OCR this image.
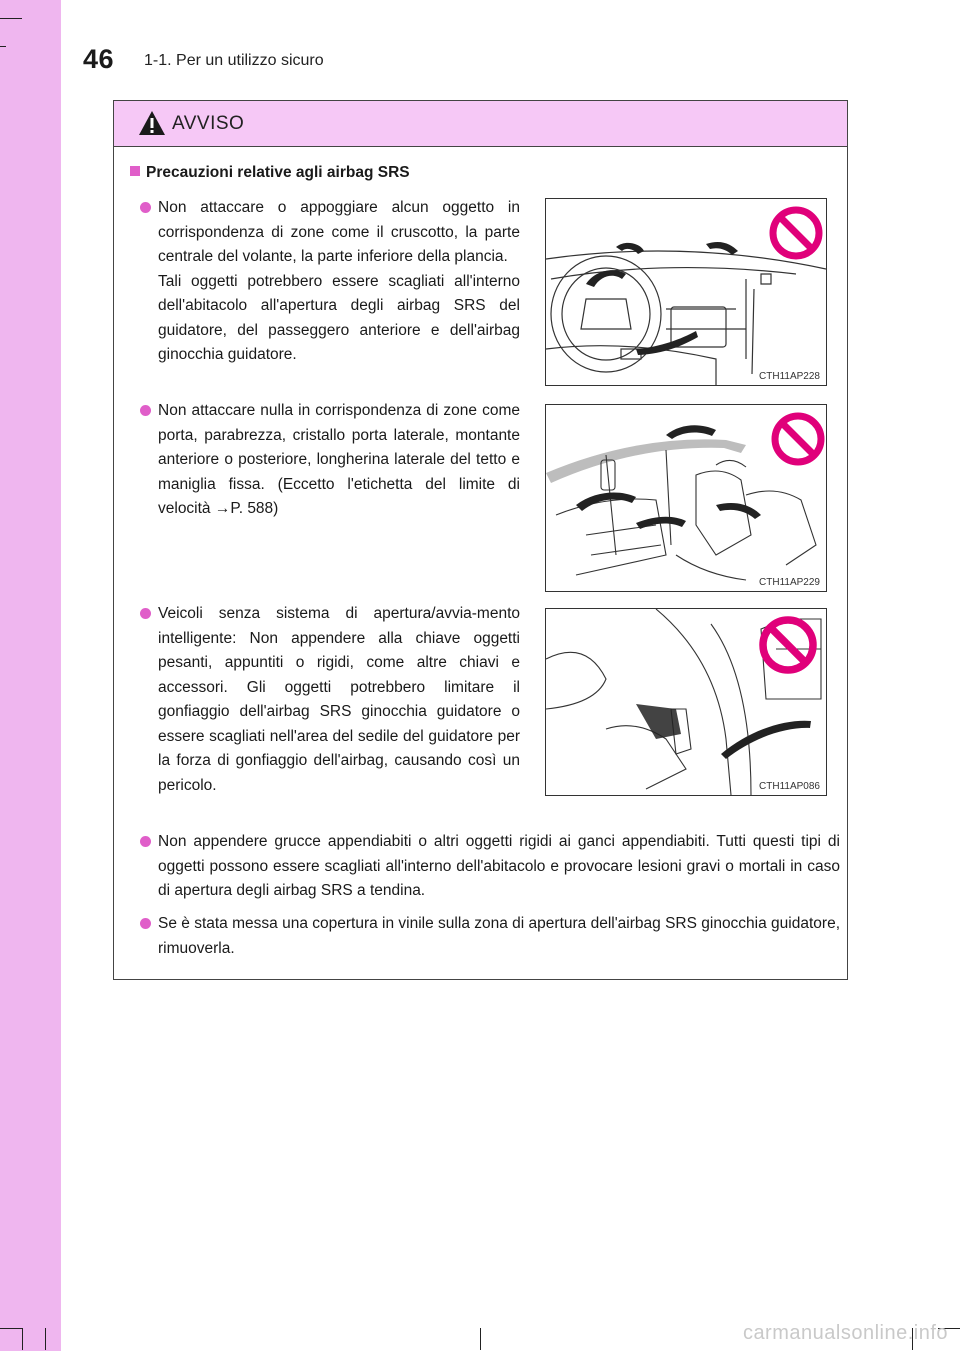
46 1-1. Per un utilizzo sicuro
AVVISO
Precauzioni relative agli airbag SRS

Non attaccare o appoggiare alcun oggetto in corrispondenza di zone come il cruscotto, la parte centrale del volante, la parte inferiore della plancia.

Tali oggetti potrebbero essere scagliati all'interno dell'abitacolo all'apertura degli airbag SRS del guidatore, del passeggero anteriore e dell'airbag ginocchia guidatore.

CTH11AP228

Non attaccare nulla in corrispondenza di zone come porta, parabrezza, cristallo porta laterale, montante anteriore o posteriore, longherina laterale del tetto e maniglia fissa. (Eccetto l'etichetta del limite di velocità →P. 588)

CTH11AP229

Veicoli senza sistema di apertura/avvia-mento intelligente: Non appendere alla chiave oggetti pesanti, appuntiti o rigidi, come altre chiavi e accessori. Gli oggetti potrebbero limitare il gonfiaggio dell'airbag SRS ginocchia guidatore o essere scagliati nell'area del sedile del guidatore per la forza di gonfiaggio dell'airbag, causando così un pericolo.	CTH11AP086

Non appendere grucce appendiabiti o altri oggetti rigidi ai ganci appendiabiti. Tutti questi tipi di oggetti possono essere scagliati all'interno dell'abitacolo e provocare lesioni gravi o mortali in caso di apertura degli airbag SRS a tendina.

Se è stata messa una copertura in vinile sulla zona di apertura dell'airbag SRS ginocchia guidatore, rimuoverla.

carmanualsonline.info
